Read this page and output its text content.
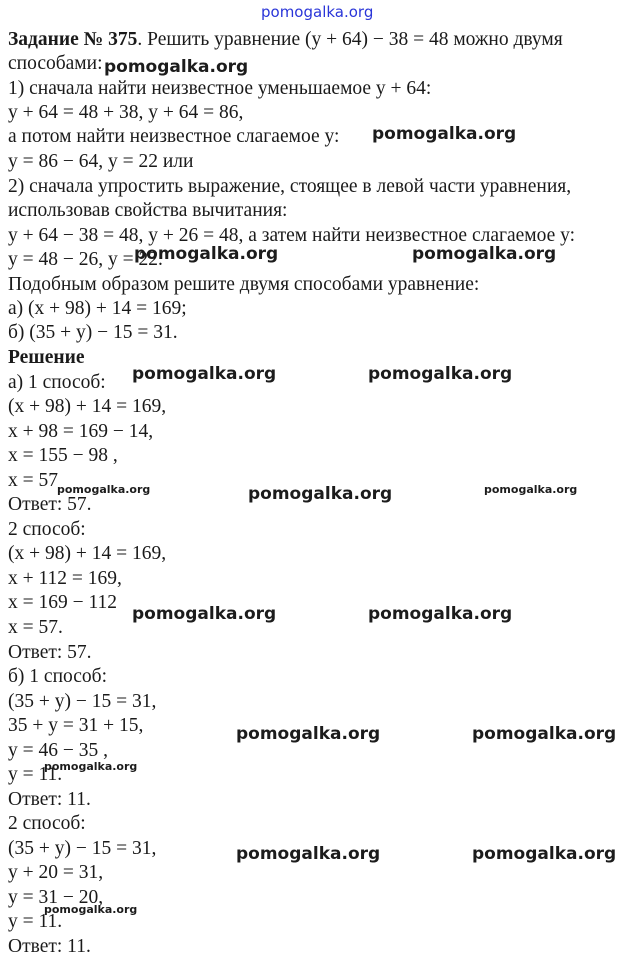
pomogalka.org
Задание № 375. Решить уравнение (у + 64) − 38 = 48 можно двумя
способами:
1) сначала найти неизвестное уменьшаемое у + 64:
у + 64 = 48 + 38, у + 64 = 86,
а потом найти неизвестное слагаемое у:
у = 86 − 64, у = 22 или
2) сначала упростить выражение, стоящее в левой части уравнения,
использовав свойства вычитания:
у + 64 − 38 = 48, у + 26 = 48, а затем найти неизвестное слагаемое у:
у = 48 − 26, у = 22.
Подобным образом решите двумя способами уравнение:
а) (х + 98) + 14 = 169;
б) (35 + у) − 15 = 31.
Решение
а) 1 способ:
(х + 98) + 14 = 169,
х + 98 = 169 − 14,
х = 155 − 98 ,
х = 57
Ответ: 57.
2 способ:
(х + 98) + 14 = 169,
х + 112 = 169,
х = 169 − 112
х = 57.
Ответ: 57.
б) 1 способ:
(35 + у) − 15 = 31,
35 + у = 31 + 15,
у = 46 − 35 ,
у = 11.
Ответ: 11.
2 способ:
(35 + у) − 15 = 31,
у + 20 = 31,
у = 31 − 20,
у = 11.
Ответ: 11.
pomogalka.org
pomogalka.org
pomogalka.org	pomogalka.org
pomogalka.org	pomogalka.org
pomogalka.org	pomogalka.org	pomogalka.org
pomogalka.org	pomogalka.org
pomogalka.org	pomogalka.org
pomogalka.org
pomogalka.org	pomogalka.org
pomogalka.org
